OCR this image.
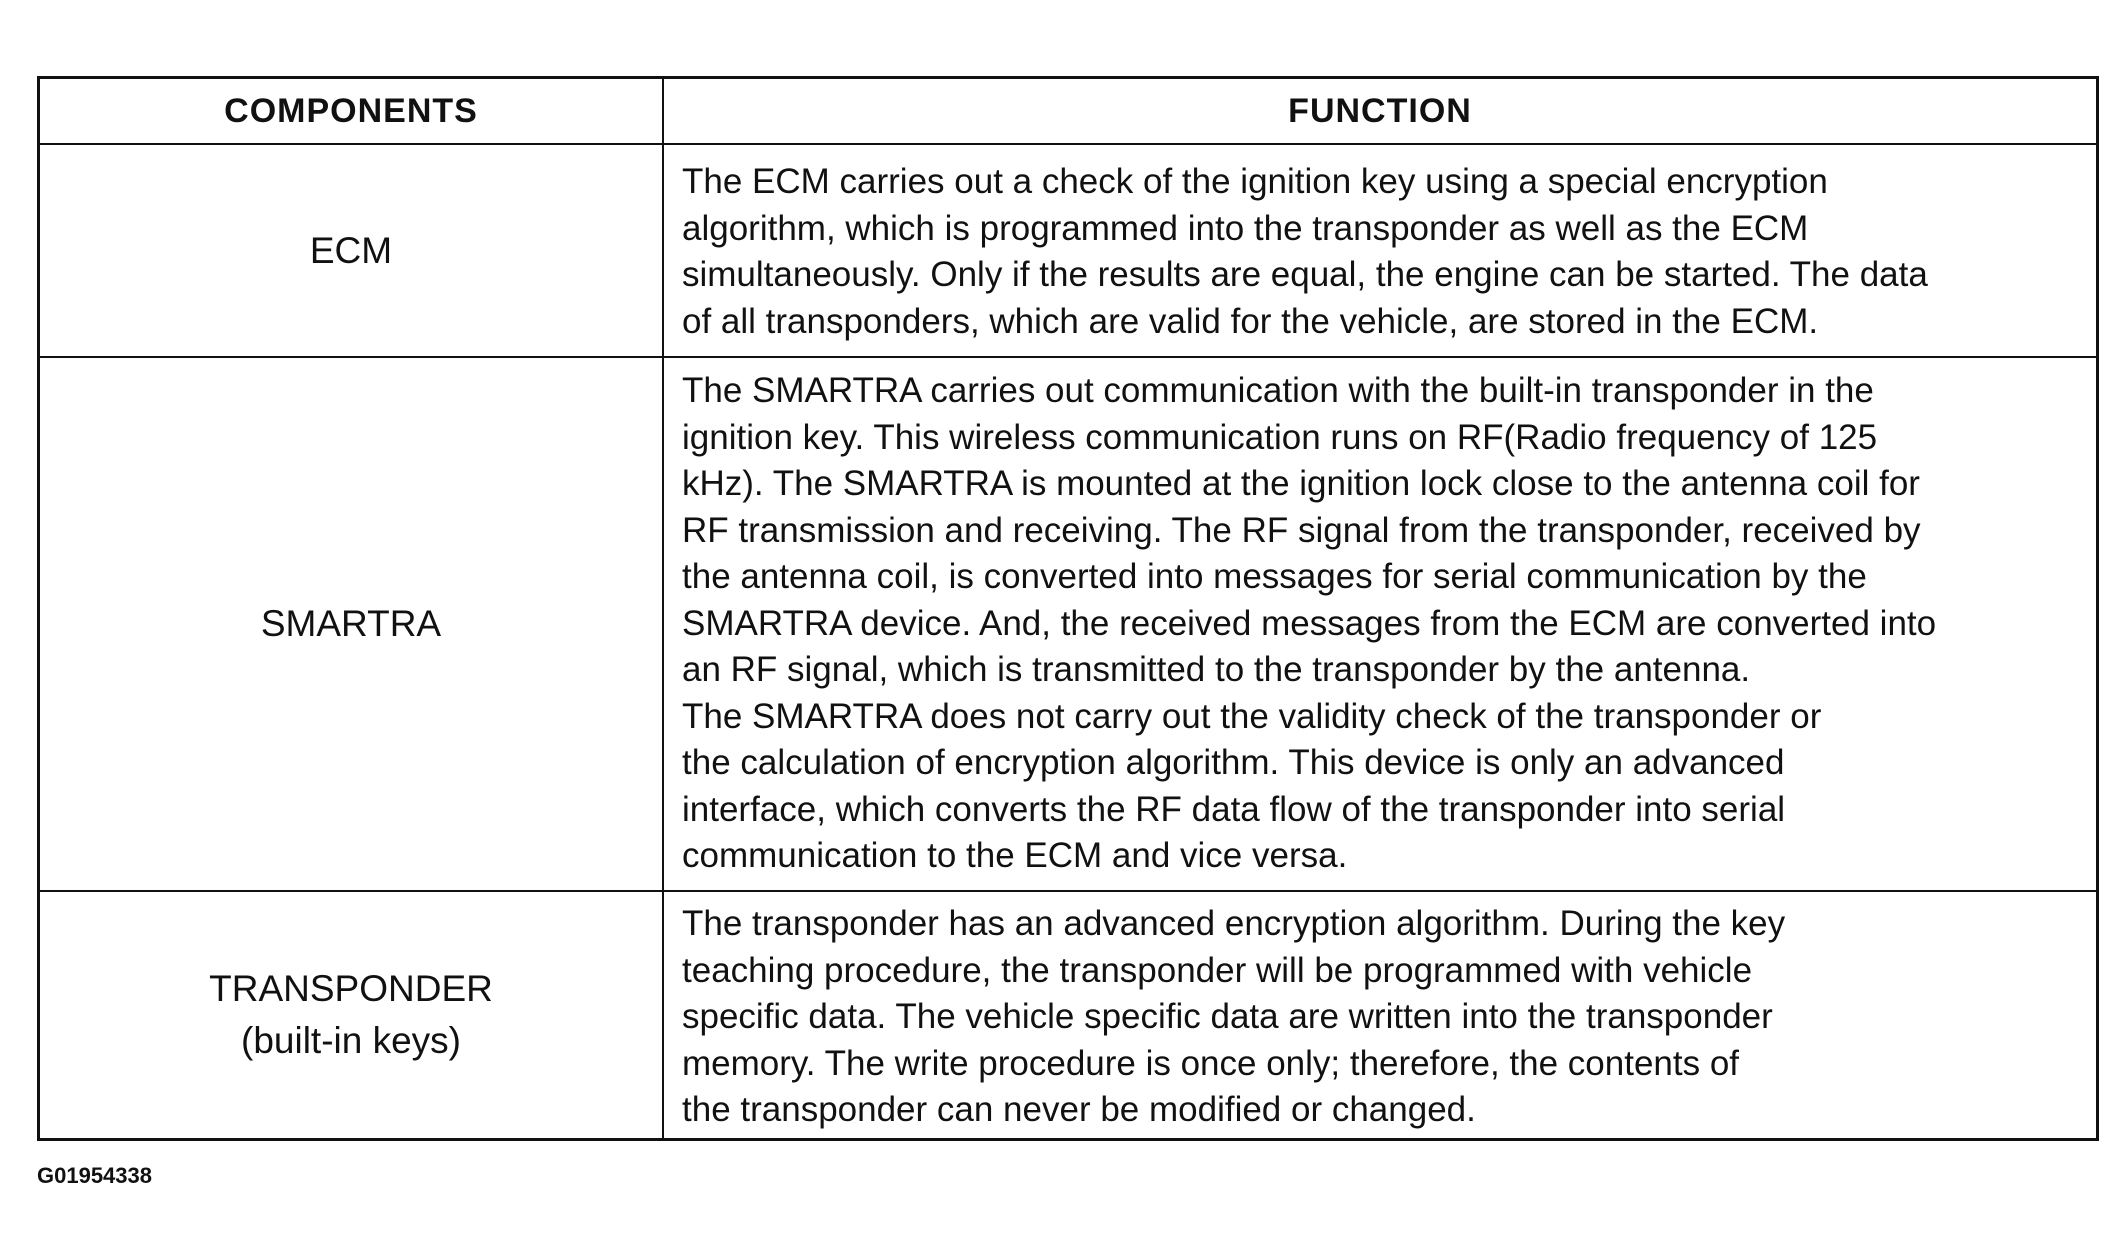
COMPONENTS	FUNCTION
ECM
The ECM carries out a check of the ignition key using a special encryption
algorithm, which is programmed into the transponder as well as the ECM
simultaneously. Only if the results are equal, the engine can be started. The data
of all transponders, which are valid for the vehicle, are stored in the ECM.
SMARTRA
The SMARTRA carries out communication with the built-in transponder in the
ignition key. This wireless communication runs on RF(Radio frequency of 125
kHz). The SMARTRA is mounted at the ignition lock close to the antenna coil for
RF transmission and receiving. The RF signal from the transponder, received by
the antenna coil, is converted into messages for serial communication by the
SMARTRA device. And, the received messages from the ECM are converted into
an RF signal, which is transmitted to the transponder by the antenna.
The SMARTRA does not carry out the validity check of the transponder or
the calculation of encryption algorithm. This device is only an advanced
interface, which converts the RF data flow of the transponder into serial
communication to the ECM and vice versa.
TRANSPONDER
(built-in keys)
The transponder has an advanced encryption algorithm. During the key
teaching procedure, the transponder will be programmed with vehicle
specific data. The vehicle specific data are written into the transponder
memory. The write procedure is once only; therefore, the contents of
the transponder can never be modified or changed.
G01954338
